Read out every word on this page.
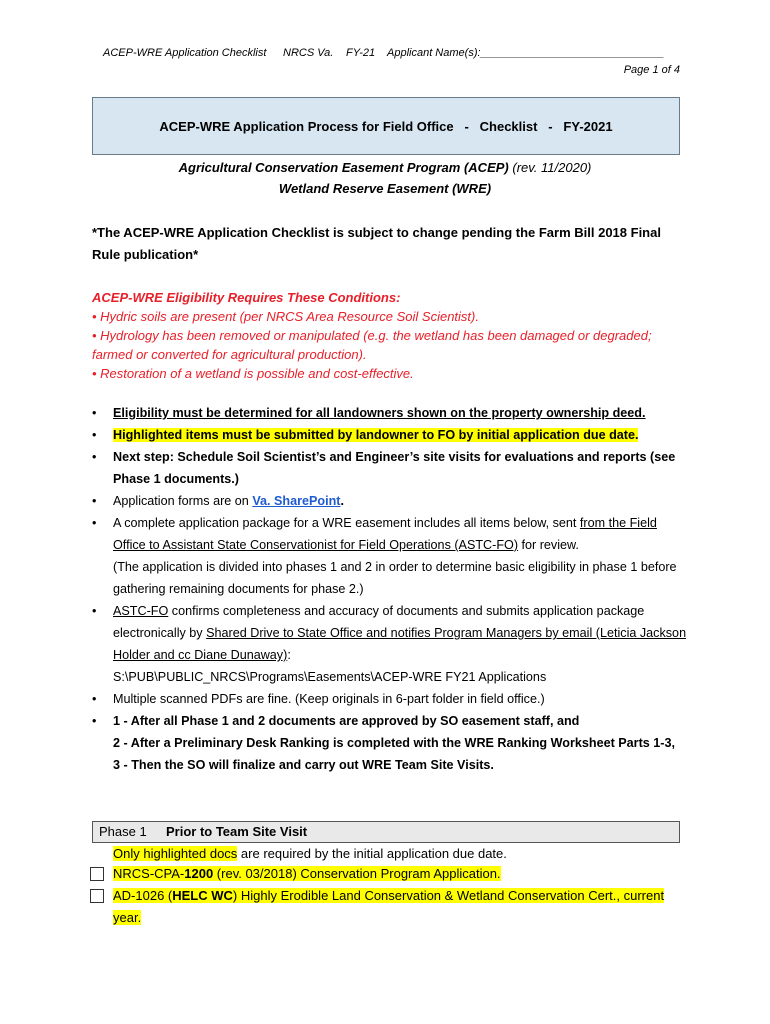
ACEP-WRE Application Checklist NRCS Va. FY-21 Applicant Name(s):______________________________
Page 1 of 4
ACEP-WRE Application Process for Field Office   -   Checklist   -   FY-2021
Agricultural Conservation Easement Program (ACEP) (rev. 11/2020)
Wetland Reserve Easement (WRE)
*The ACEP-WRE Application Checklist is subject to change pending the Farm Bill 2018 Final Rule publication*
ACEP-WRE Eligibility Requires These Conditions:
• Hydric soils are present (per NRCS Area Resource Soil Scientist).
• Hydrology has been removed or manipulated (e.g. the wetland has been damaged or degraded; farmed or converted for agricultural production).
• Restoration of a wetland is possible and cost-effective.
• Eligibility must be determined for all landowners shown on the property ownership deed.
• Highlighted items must be submitted by landowner to FO by initial application due date.
• Next step: Schedule Soil Scientist’s and Engineer’s site visits for evaluations and reports (see Phase 1 documents.)
• Application forms are on Va. SharePoint.
• A complete application package for a WRE easement includes all items below, sent from the Field Office to Assistant State Conservationist for Field Operations (ASTC-FO) for review.
(The application is divided into phases 1 and 2 in order to determine basic eligibility in phase 1 before gathering remaining documents for phase 2.)
• ASTC-FO confirms completeness and accuracy of documents and submits application package electronically by Shared Drive to State Office and notifies Program Managers by email (Leticia Jackson Holder and cc Diane Dunaway):
S:\PUB\PUBLIC_NRCS\Programs\Easements\ACEP-WRE FY21 Applications
• Multiple scanned PDFs are fine. (Keep originals in 6-part folder in field office.)
• 1 - After all Phase 1 and 2 documents are approved by SO easement staff, and
2 - After a Preliminary Desk Ranking is completed with the WRE Ranking Worksheet Parts 1-3,
3 - Then the SO will finalize and carry out WRE Team Site Visits.
Phase 1 Prior to Team Site Visit
Only highlighted docs are required by the initial application due date.
NRCS-CPA-1200 (rev. 03/2018) Conservation Program Application.
AD-1026 (HELC WC) Highly Erodible Land Conservation & Wetland Conservation Cert., current year.
